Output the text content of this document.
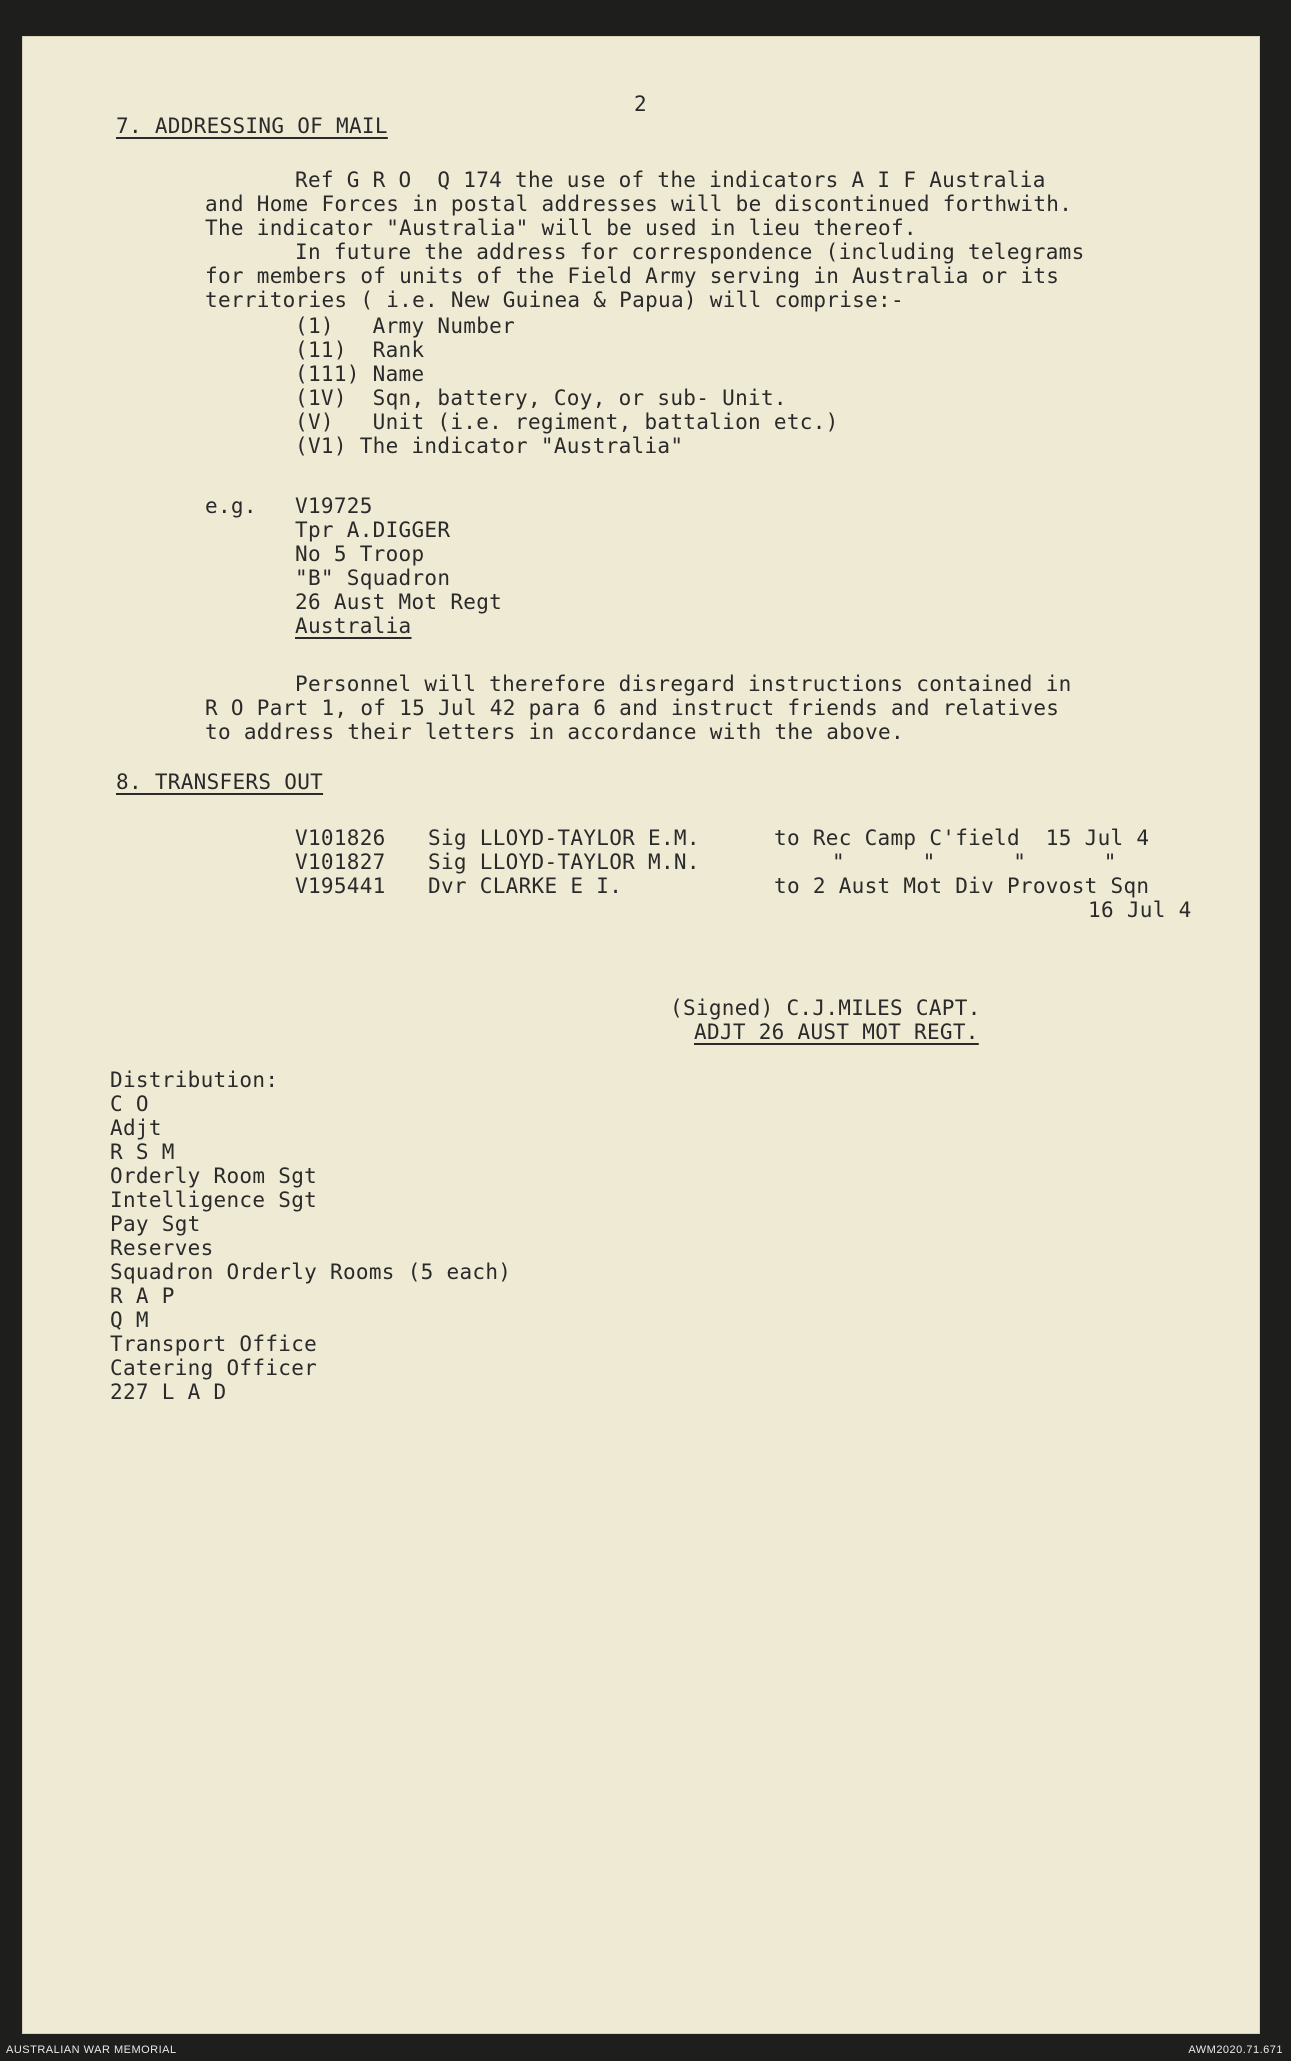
2
7. ADDRESSING OF MAIL
Ref G R O  Q 174 the use of the indicators A I F Australia
and Home Forces in postal addresses will be discontinued forthwith.
The indicator "Australia" will be used in lieu thereof.
In future the address for correspondence (including telegrams
for members of units of the Field Army serving in Australia or its
territories ( i.e. New Guinea & Papua) will comprise:-
(1)   Army Number
(11)  Rank
(111) Name
(1V)  Sqn, battery, Coy, or sub- Unit.
(V)   Unit (i.e. regiment, battalion etc.)
(V1) The indicator "Australia"
e.g. V19725
Tpr A.DIGGER
No 5 Troop
"B" Squadron
26 Aust Mot Regt
Australia
Personnel will therefore disregard instructions contained in
R O Part 1, of 15 Jul 42 para 6 and instruct friends and relatives
to address their letters in accordance with the above.
8. TRANSFERS OUT
V101826 Sig LLOYD-TAYLOR E.M.	to Rec Camp C'field  15 Jul 4
V101827 Sig LLOYD-TAYLOR M.N.	"      "      "      "
V195441 Dvr CLARKE E I.	to 2 Aust Mot Div Provost Sqn
16 Jul 4
(Signed) C.J.MILES CAPT.
ADJT 26 AUST MOT REGT.
Distribution:
C O
Adjt
R S M
Orderly Room Sgt
Intelligence Sgt
Pay Sgt
Reserves
Squadron Orderly Rooms (5 each)
R A P
Q M
Transport Office
Catering Officer
227 L A D
AUSTRALIAN WAR MEMORIAL	AWM2020.71.671
